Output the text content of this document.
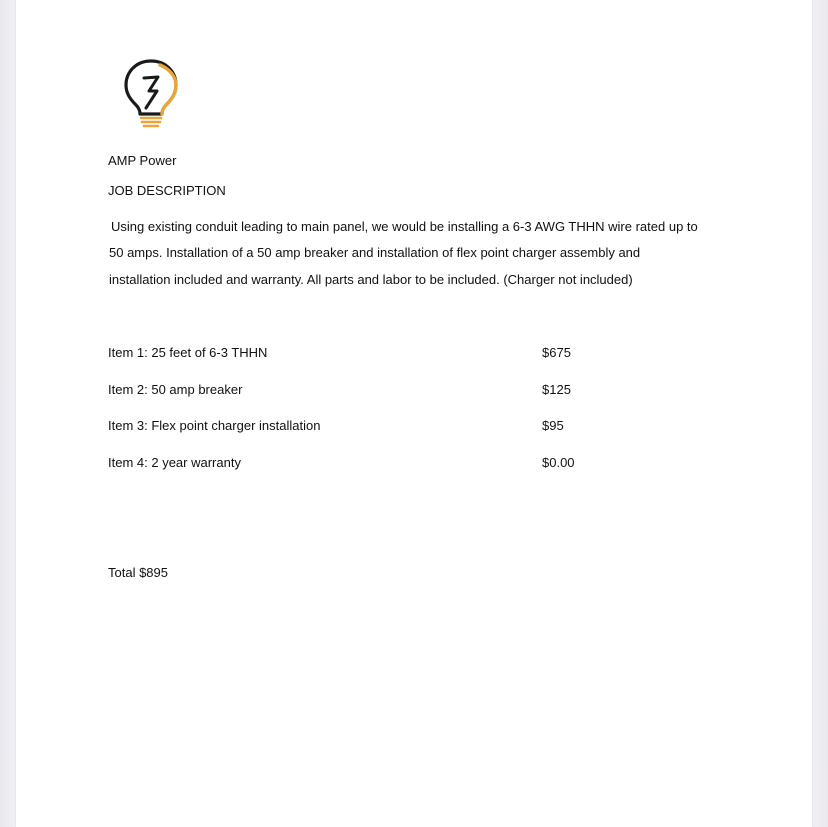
AMP Power
JOB DESCRIPTION
Using existing conduit leading to main panel, we would be installing a 6-3 AWG THHN wire rated up to
50 amps. Installation of a 50 amp breaker and installation of flex point charger assembly and
installation included and warranty. All parts and labor to be included. (Charger not included)
Item 1: 25 feet of 6-3 THHN	$675
Item 2: 50 amp breaker	$125
Item 3: Flex point charger installation	$95
Item 4: 2 year warranty	$0.00
Total $895
